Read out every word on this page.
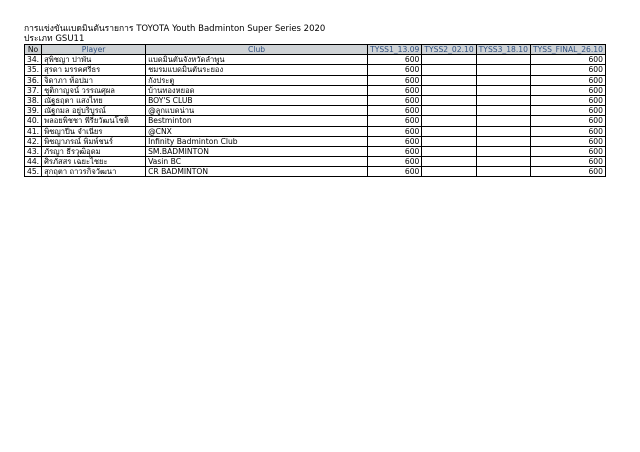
การแข่งขันแบดมินตันรายการ TOYOTA Youth Badminton Super Series 2020
ประเภท GSU11
No	Player	Club	TYSS1_13.09	TYSS2_02.10	TYSS3_18.10	TYSS_FINAL_26.10
34.	สุพิชญา ปาพัน	แบดมินตันจังหวัดลำพูน	600			600
35.	สุรดา มรรคศรีธร	ชมรมแบดมินตันระยอง	600			600
36.	จิดาภา ท้อปมา	กังประตู	600			600
37.	ชุติกาญจน์ วรรณศุผล	บ้านทองหยอด	600			600
38.	ณัฐธฤตา แสงไทย	BOY'S CLUB	600			600
39.	ณัฐกมล อยู่บริบูรณ์	@ลูกแบดน่าน	600			600
40.	พลอยพิชชา พีรียวัฒนโชติ	Bestminton	600			600
41.	พิชญาปีน จำเนียร	@CNX	600			600
42.	พิชญาภรณ์ พิมพ์ชนร์	Infinity Badminton Club	600			600
43.	ภัรญา ธีรวุฒิอุดม	SM.BADMINTON	600			600
44.	ศิรภัสสร เฉยะไชยะ	Vasin BC	600			600
45.	สุกฤตา ถาวรกิจวัฒนา	CR BADMINTON	600			600
